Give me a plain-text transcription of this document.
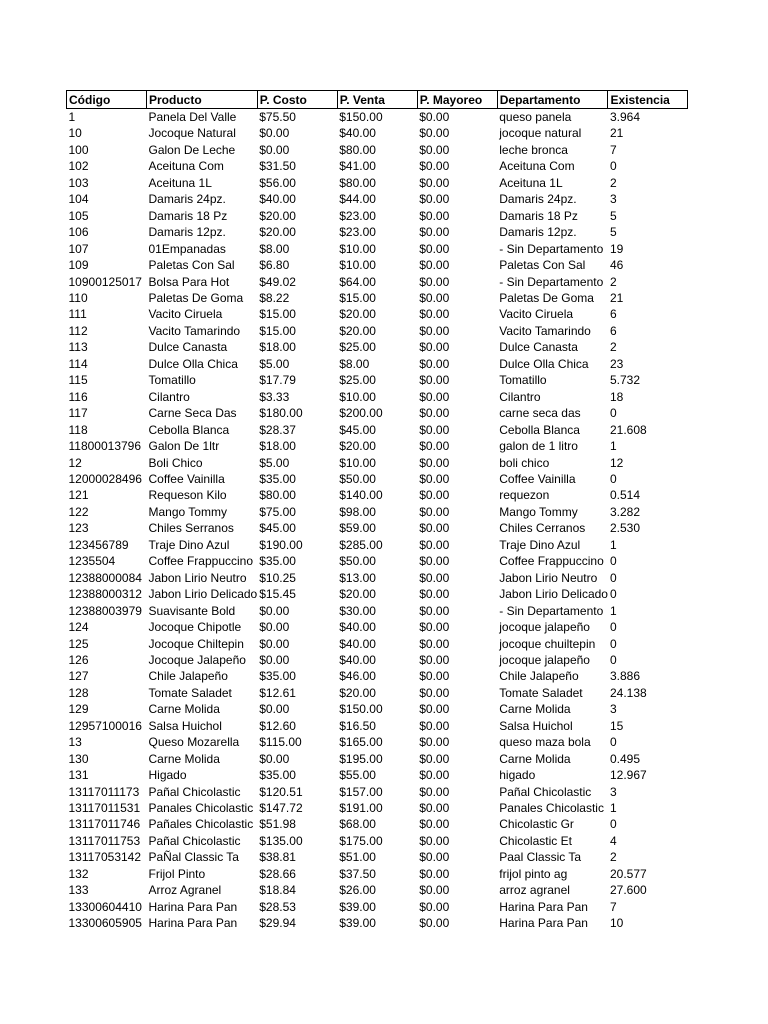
Código	Producto	P. Costo	P. Venta	P. Mayoreo	Departamento	Existencia
1	Panela Del Valle	$75.50	$150.00	$0.00	queso panela	3.964
10	Jocoque Natural	$0.00	$40.00	$0.00	jocoque natural	21
100	Galon De Leche	$0.00	$80.00	$0.00	leche bronca	7
102	Aceituna Com	$31.50	$41.00	$0.00	Aceituna Com	0
103	Aceituna 1L	$56.00	$80.00	$0.00	Aceituna 1L	2
104	Damaris 24pz.	$40.00	$44.00	$0.00	Damaris 24pz.	3
105	Damaris 18 Pz	$20.00	$23.00	$0.00	Damaris 18 Pz	5
106	Damaris 12pz.	$20.00	$23.00	$0.00	Damaris 12pz.	5
107	01Empanadas	$8.00	$10.00	$0.00	- Sin Departamento	19
109	Paletas Con Sal	$6.80	$10.00	$0.00	Paletas Con Sal	46
10900125017	Bolsa Para Hot	$49.02	$64.00	$0.00	- Sin Departamento	2
110	Paletas De Goma	$8.22	$15.00	$0.00	Paletas De Goma	21
111	Vacito Ciruela	$15.00	$20.00	$0.00	Vacito Ciruela	6
112	Vacito Tamarindo	$15.00	$20.00	$0.00	Vacito Tamarindo	6
113	Dulce Canasta	$18.00	$25.00	$0.00	Dulce Canasta	2
114	Dulce Olla Chica	$5.00	$8.00	$0.00	Dulce Olla Chica	23
115	Tomatillo	$17.79	$25.00	$0.00	Tomatillo	5.732
116	Cilantro	$3.33	$10.00	$0.00	Cilantro	18
117	Carne Seca Das	$180.00	$200.00	$0.00	carne seca das	0
118	Cebolla Blanca	$28.37	$45.00	$0.00	Cebolla Blanca	21.608
11800013796	Galon De 1ltr	$18.00	$20.00	$0.00	galon de 1 litro	1
12	Boli Chico	$5.00	$10.00	$0.00	boli chico	12
12000028496	Coffee Vainilla	$35.00	$50.00	$0.00	Coffee Vainilla	0
121	Requeson Kilo	$80.00	$140.00	$0.00	requezon	0.514
122	Mango Tommy	$75.00	$98.00	$0.00	Mango Tommy	3.282
123	Chiles Serranos	$45.00	$59.00	$0.00	Chiles Cerranos	2.530
123456789	Traje Dino Azul	$190.00	$285.00	$0.00	Traje Dino Azul	1
1235504	Coffee Frappuccino	$35.00	$50.00	$0.00	Coffee Frappuccino	0
12388000084	Jabon Lirio Neutro	$10.25	$13.00	$0.00	Jabon Lirio Neutro	0
12388000312	Jabon Lirio Delicado	$15.45	$20.00	$0.00	Jabon Lirio Delicado	0
12388003979	Suavisante Bold	$0.00	$30.00	$0.00	- Sin Departamento	1
124	Jocoque Chipotle	$0.00	$40.00	$0.00	jocoque jalapeño	0
125	Jocoque Chiltepin	$0.00	$40.00	$0.00	jocoque chuiltepin	0
126	Jocoque Jalapeño	$0.00	$40.00	$0.00	jocoque jalapeño	0
127	Chile Jalapeño	$35.00	$46.00	$0.00	Chile Jalapeño	3.886
128	Tomate Saladet	$12.61	$20.00	$0.00	Tomate Saladet	24.138
129	Carne Molida	$0.00	$150.00	$0.00	Carne Molida	3
12957100016	Salsa Huichol	$12.60	$16.50	$0.00	Salsa Huichol	15
13	Queso Mozarella	$115.00	$165.00	$0.00	queso maza bola	0
130	Carne Molida	$0.00	$195.00	$0.00	Carne Molida	0.495
131	Higado	$35.00	$55.00	$0.00	higado	12.967
13117011173	Pañal Chicolastic	$120.51	$157.00	$0.00	Pañal Chicolastic	3
13117011531	Panales Chicolastic	$147.72	$191.00	$0.00	Panales Chicolastic	1
13117011746	Pañales Chicolastic	$51.98	$68.00	$0.00	Chicolastic Gr	0
13117011753	Pañal Chicolastic	$135.00	$175.00	$0.00	Chicolastic Et	4
13117053142	PaÑal Classic Ta	$38.81	$51.00	$0.00	Paal Classic Ta	2
132	Frijol Pinto	$28.66	$37.50	$0.00	frijol pinto ag	20.577
133	Arroz Agranel	$18.84	$26.00	$0.00	arroz agranel	27.600
13300604410	Harina Para Pan	$28.53	$39.00	$0.00	Harina Para Pan	7
13300605905	Harina Para Pan	$29.94	$39.00	$0.00	Harina Para Pan	10
